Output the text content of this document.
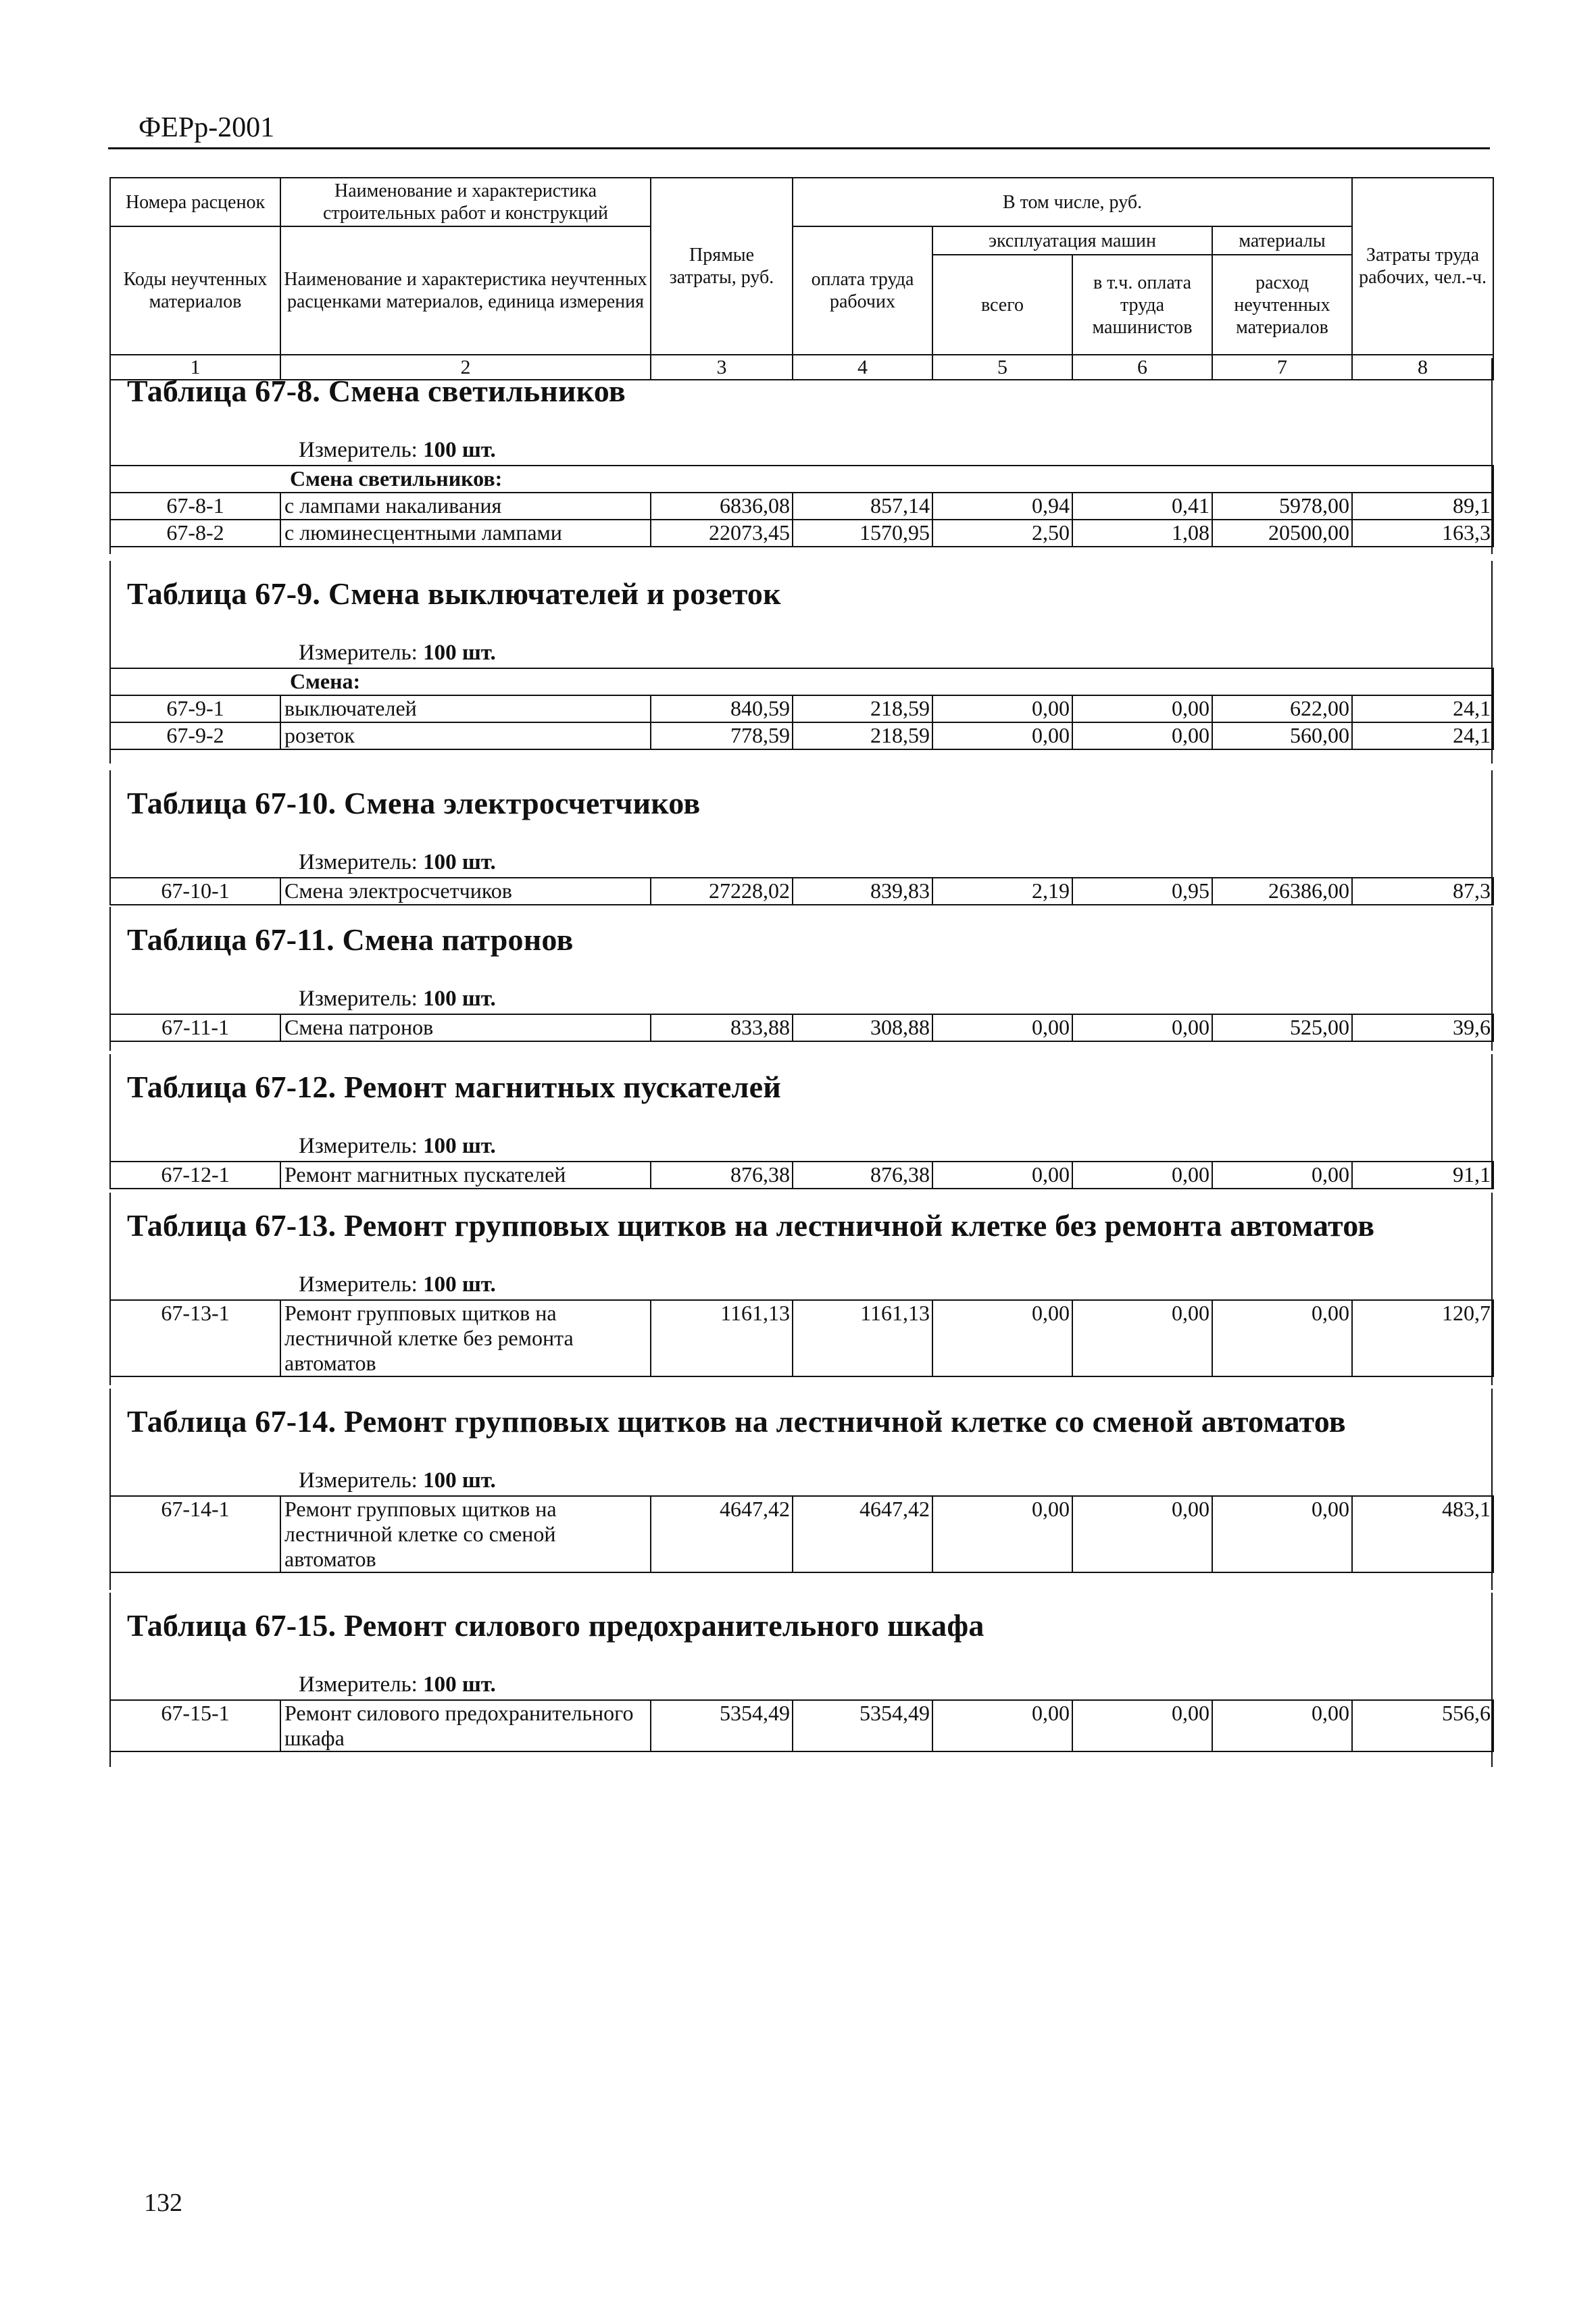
ФЕРр-2001
Номера расценок	Наименование и характеристика строительных работ и конструкций	Прямые затраты, руб.	В том числе, руб.				Затраты труда рабочих, чел.-ч.
Коды неучтенных материалов	Наименование и характеристика неучтенных расценками материалов, единица измерения		оплата труда рабочих	эксплуатация машин		материалы	
				всего	в т.ч. оплата труда машинистов	расход неучтенных материалов	

1	2	3	4	5	6	7	8
Таблица 67-8. Смена светильников
Измеритель: 100 шт.
Смена светильников:							
67-8-1	с лампами накаливания	6836,08	857,14	0,94	0,41	5978,00	89,1
67-8-2	с люминесцентными лампами	22073,45	1570,95	2,50	1,08	20500,00	163,3
Таблица 67-9. Смена выключателей и розеток
Измеритель: 100 шт.
Смена:							
67-9-1	выключателей	840,59	218,59	0,00	0,00	622,00	24,1
67-9-2	розеток	778,59	218,59	0,00	0,00	560,00	24,1
Таблица 67-10. Смена электросчетчиков
Измеритель: 100 шт.
67-10-1	Смена электросчетчиков	27228,02	839,83	2,19	0,95	26386,00	87,3
Таблица 67-11. Смена патронов
Измеритель: 100 шт.
67-11-1	Смена патронов	833,88	308,88	0,00	0,00	525,00	39,6
Таблица 67-12. Ремонт магнитных пускателей
Измеритель: 100 шт.
67-12-1	Ремонт магнитных пускателей	876,38	876,38	0,00	0,00	0,00	91,1
Таблица 67-13. Ремонт групповых щитков на лестничной клетке без ремонта автоматов
Измеритель: 100 шт.
67-13-1	Ремонт групповых щитков на лестничной клетке без ремонта автоматов	1161,13	1161,13	0,00	0,00	0,00	120,7
Таблица 67-14. Ремонт групповых щитков на лестничной клетке со сменой автоматов
Измеритель: 100 шт.
67-14-1	Ремонт групповых щитков на лестничной клетке со сменой автоматов	4647,42	4647,42	0,00	0,00	0,00	483,1
Таблица 67-15. Ремонт силового предохранительного шкафа
Измеритель: 100 шт.
67-15-1	Ремонт силового предохранительного шкафа	5354,49	5354,49	0,00	0,00	0,00	556,6
132
